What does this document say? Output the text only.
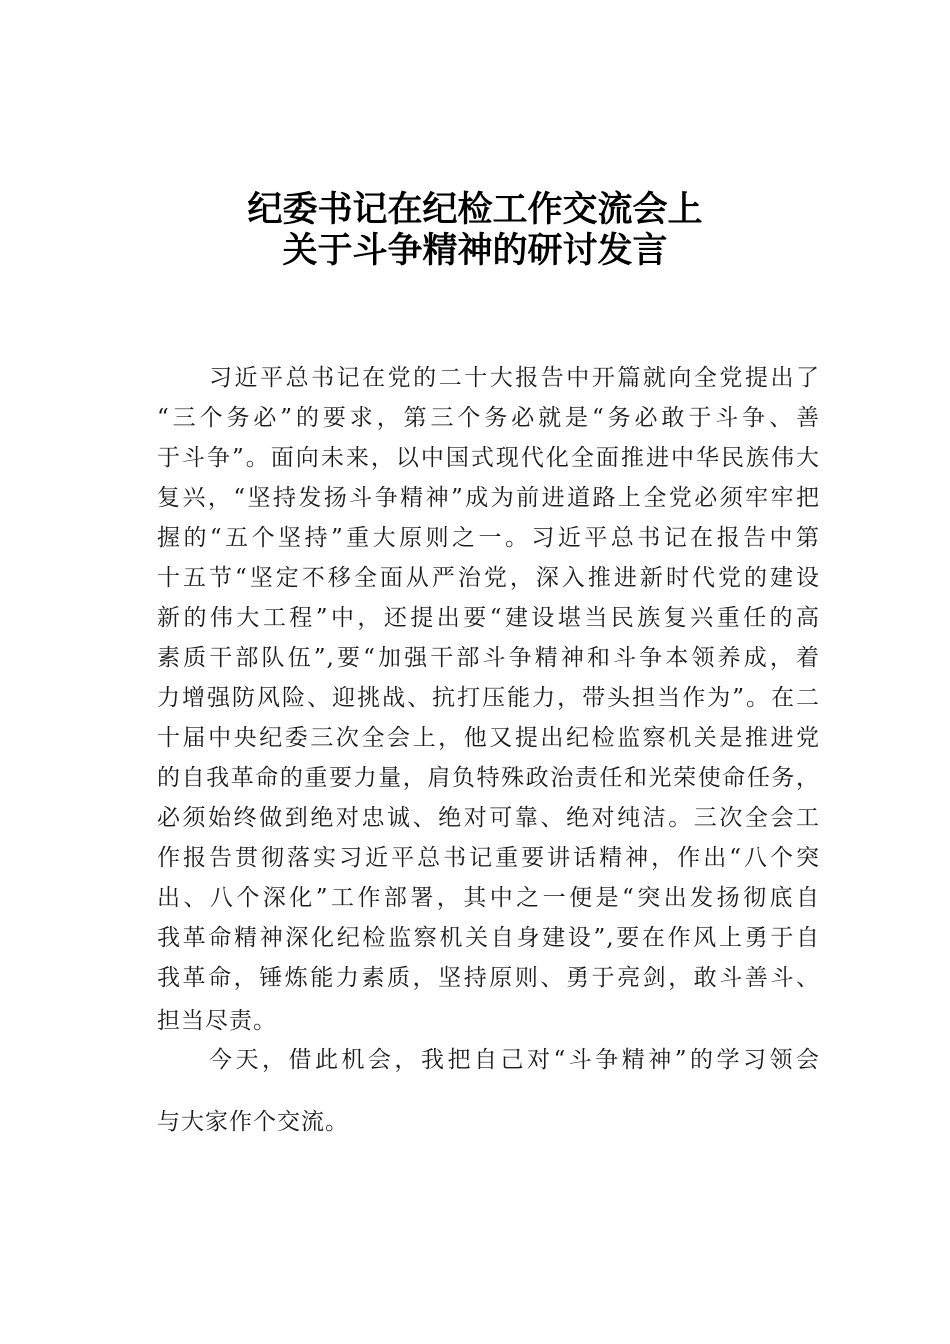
纪委书记在纪检工作交流会上
关于斗争精神的研讨发言
习近平总书记在党的二十大报告中开篇就向全党提出了
“三个务必”的要求，第三个务必就是“务必敢于斗争、善
于斗争”。面向未来，以中国式现代化全面推进中华民族伟大
复兴，“坚持发扬斗争精神”成为前进道路上全党必须牢牢把
握的“五个坚持”重大原则之一。习近平总书记在报告中第
十五节“坚定不移全面从严治党，深入推进新时代党的建设
新的伟大工程”中，还提出要“建设堪当民族复兴重任的高
素质干部队伍”,要“加强干部斗争精神和斗争本领养成，着
力增强防风险、迎挑战、抗打压能力，带头担当作为”。在二
十届中央纪委三次全会上，他又提出纪检监察机关是推进党
的自我革命的重要力量，肩负特殊政治责任和光荣使命任务，
必须始终做到绝对忠诚、绝对可靠、绝对纯洁。三次全会工
作报告贯彻落实习近平总书记重要讲话精神，作出“八个突
出、八个深化”工作部署，其中之一便是“突出发扬彻底自
我革命精神深化纪检监察机关自身建设”,要在作风上勇于自
我革命，锤炼能力素质，坚持原则、勇于亮剑，敢斗善斗、
担当尽责。
今天，借此机会，我把自己对“斗争精神”的学习领会
与大家作个交流。
